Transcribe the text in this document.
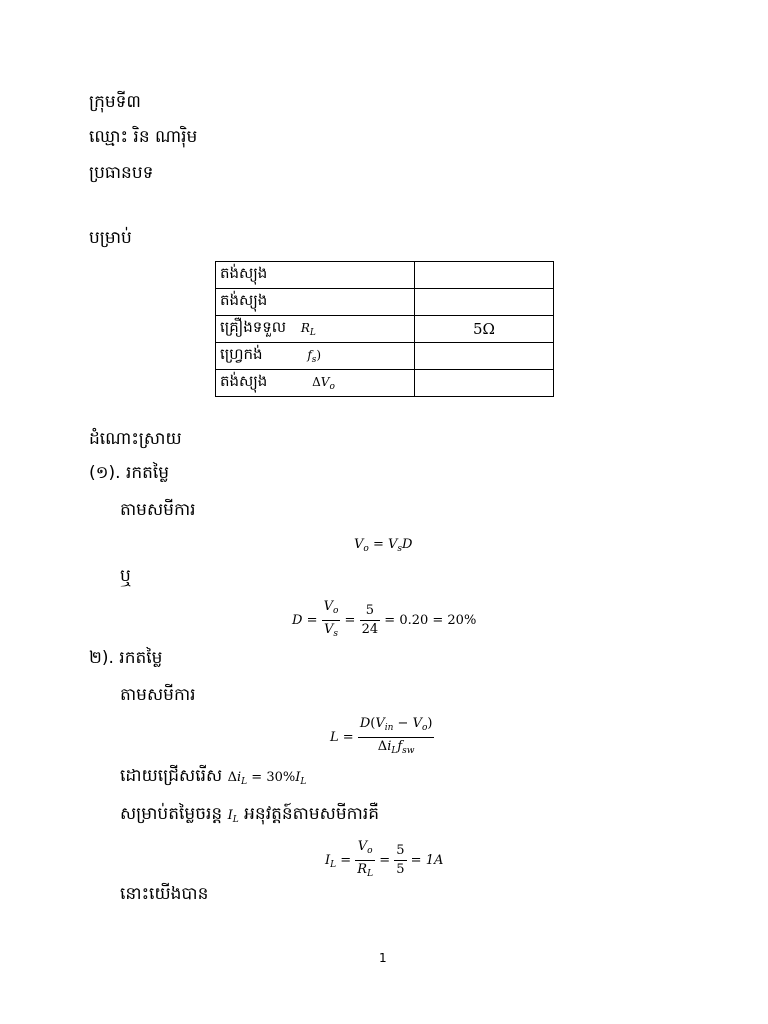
ក្រុមទី៣
ឈ្មោះ រិន ណារ៉ិម
ប្រធានបទ
បម្រាប់
តង់ស្យុង	
តង់ស្យុង	
គ្រឿងទទួល $R_L$	5Ω
ហ្វ្រេកង់ $f_s$)	
តង់ស្យុង $\Delta V_o$	
ដំណោះស្រាយ
(១). រកតម្លៃ
តាមសមីការ
$V_o = V_sD$
ឬ
$D = \frac{V_o}{V_s} = \frac{5}{24} = 0.20 = 20\%$
២). រកតម្លៃ
តាមសមីការ
$L = \frac{D(V_{in} - V_o)}{\Delta i_Lf_{sw}}$
ដោយជ្រើសរើស $\Delta i_L = 30\%I_L$
សម្រាប់តម្លៃចរន្ត $I_L$ អនុវត្តន៍តាមសមីការគឺ
$I_L = \frac{V_o}{R_L} = \frac{5}{5} = 1A$
នោះយើងបាន
1
